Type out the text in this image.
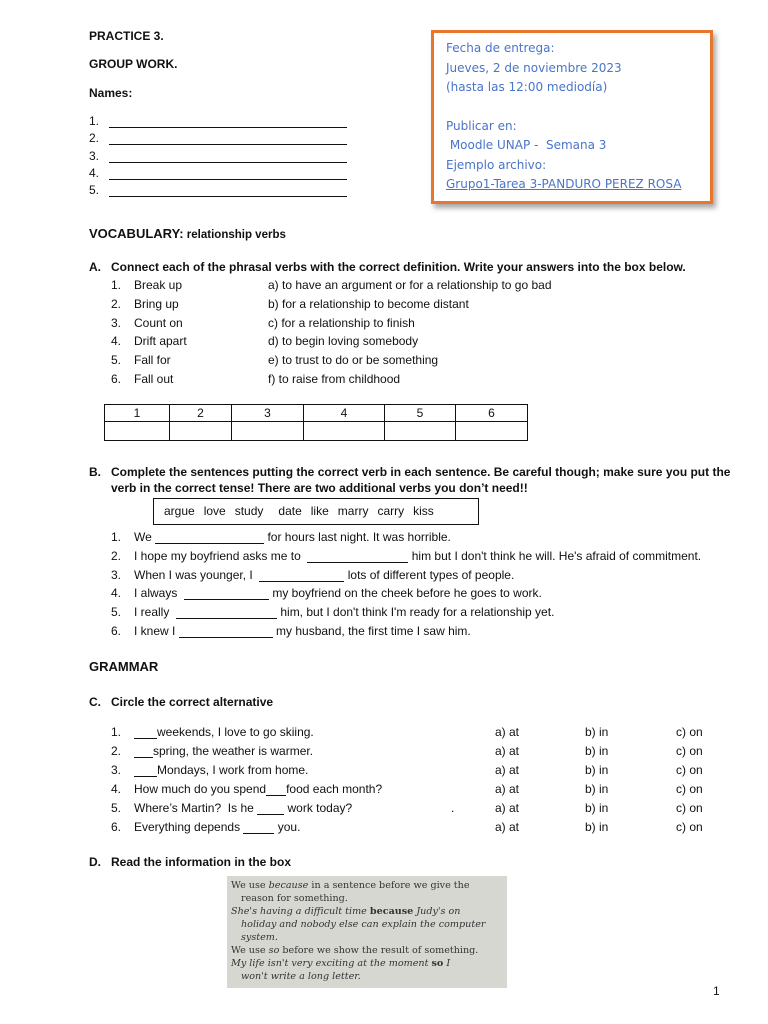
PRACTICE 3.
GROUP WORK.
Names:
1.
2.
3.
4.
5.
Fecha de entrega:
Jueves, 2 de noviembre 2023
(hasta las 12:00 mediodía)
Publicar en:
Moodle UNAP -  Semana 3
Ejemplo archivo:
Grupo1-Tarea 3-PANDURO PEREZ ROSA
VOCABULARY: relationship verbs
A. Connect each of the phrasal verbs with the correct definition. Write your answers into the box below.
1. Break up	a) to have an argument or for a relationship to go bad
2. Bring up	b) for a relationship to become distant
3. Count on	c) for a relationship to finish
4. Drift apart	d) to begin loving somebody
5. Fall for	e) to trust to do or be something
6. Fall out	f) to raise from childhood
1	2	3	4	5	6

B. Complete the sentences putting the correct verb in each sentence. Be careful though; make sure you put the
verb in the correct tense! There are two additional verbs you don’t need!!
argue love study date like marry carry kiss
1. We	for hours last night. It was horrible.
2. I hope my boyfriend asks me to	him but I don't think he will. He's afraid of commitment.
3. When I was younger, I	lots of different types of people.
4. I always	my boyfriend on the cheek before he goes to work.
5. I really	him, but I don't think I'm ready for a relationship yet.
6. I knew I	my husband, the first time I saw him.
GRAMMAR
C. Circle the correct alternative
1.	weekends, I love to go skiing.	a) at	b) in	c) on
2.	spring, the weather is warmer.	a) at	b) in	c) on
3.	Mondays, I work from home.	a) at	b) in	c) on
4. How much do you spend food each month?	a) at	b) in	c) on
5. Where’s Martin?  Is he  work today?	.	a) at	b) in	c) on
6. Everything depends	you.	a) at	b) in	c) on
D. Read the information in the box
We use because in a sentence before we give the
reason for something.
She's having a difficult time because Judy's on
holiday and nobody else can explain the computer
system.
We use so before we show the result of something.
My life isn't very exciting at the moment so I
won't write a long letter.
1
